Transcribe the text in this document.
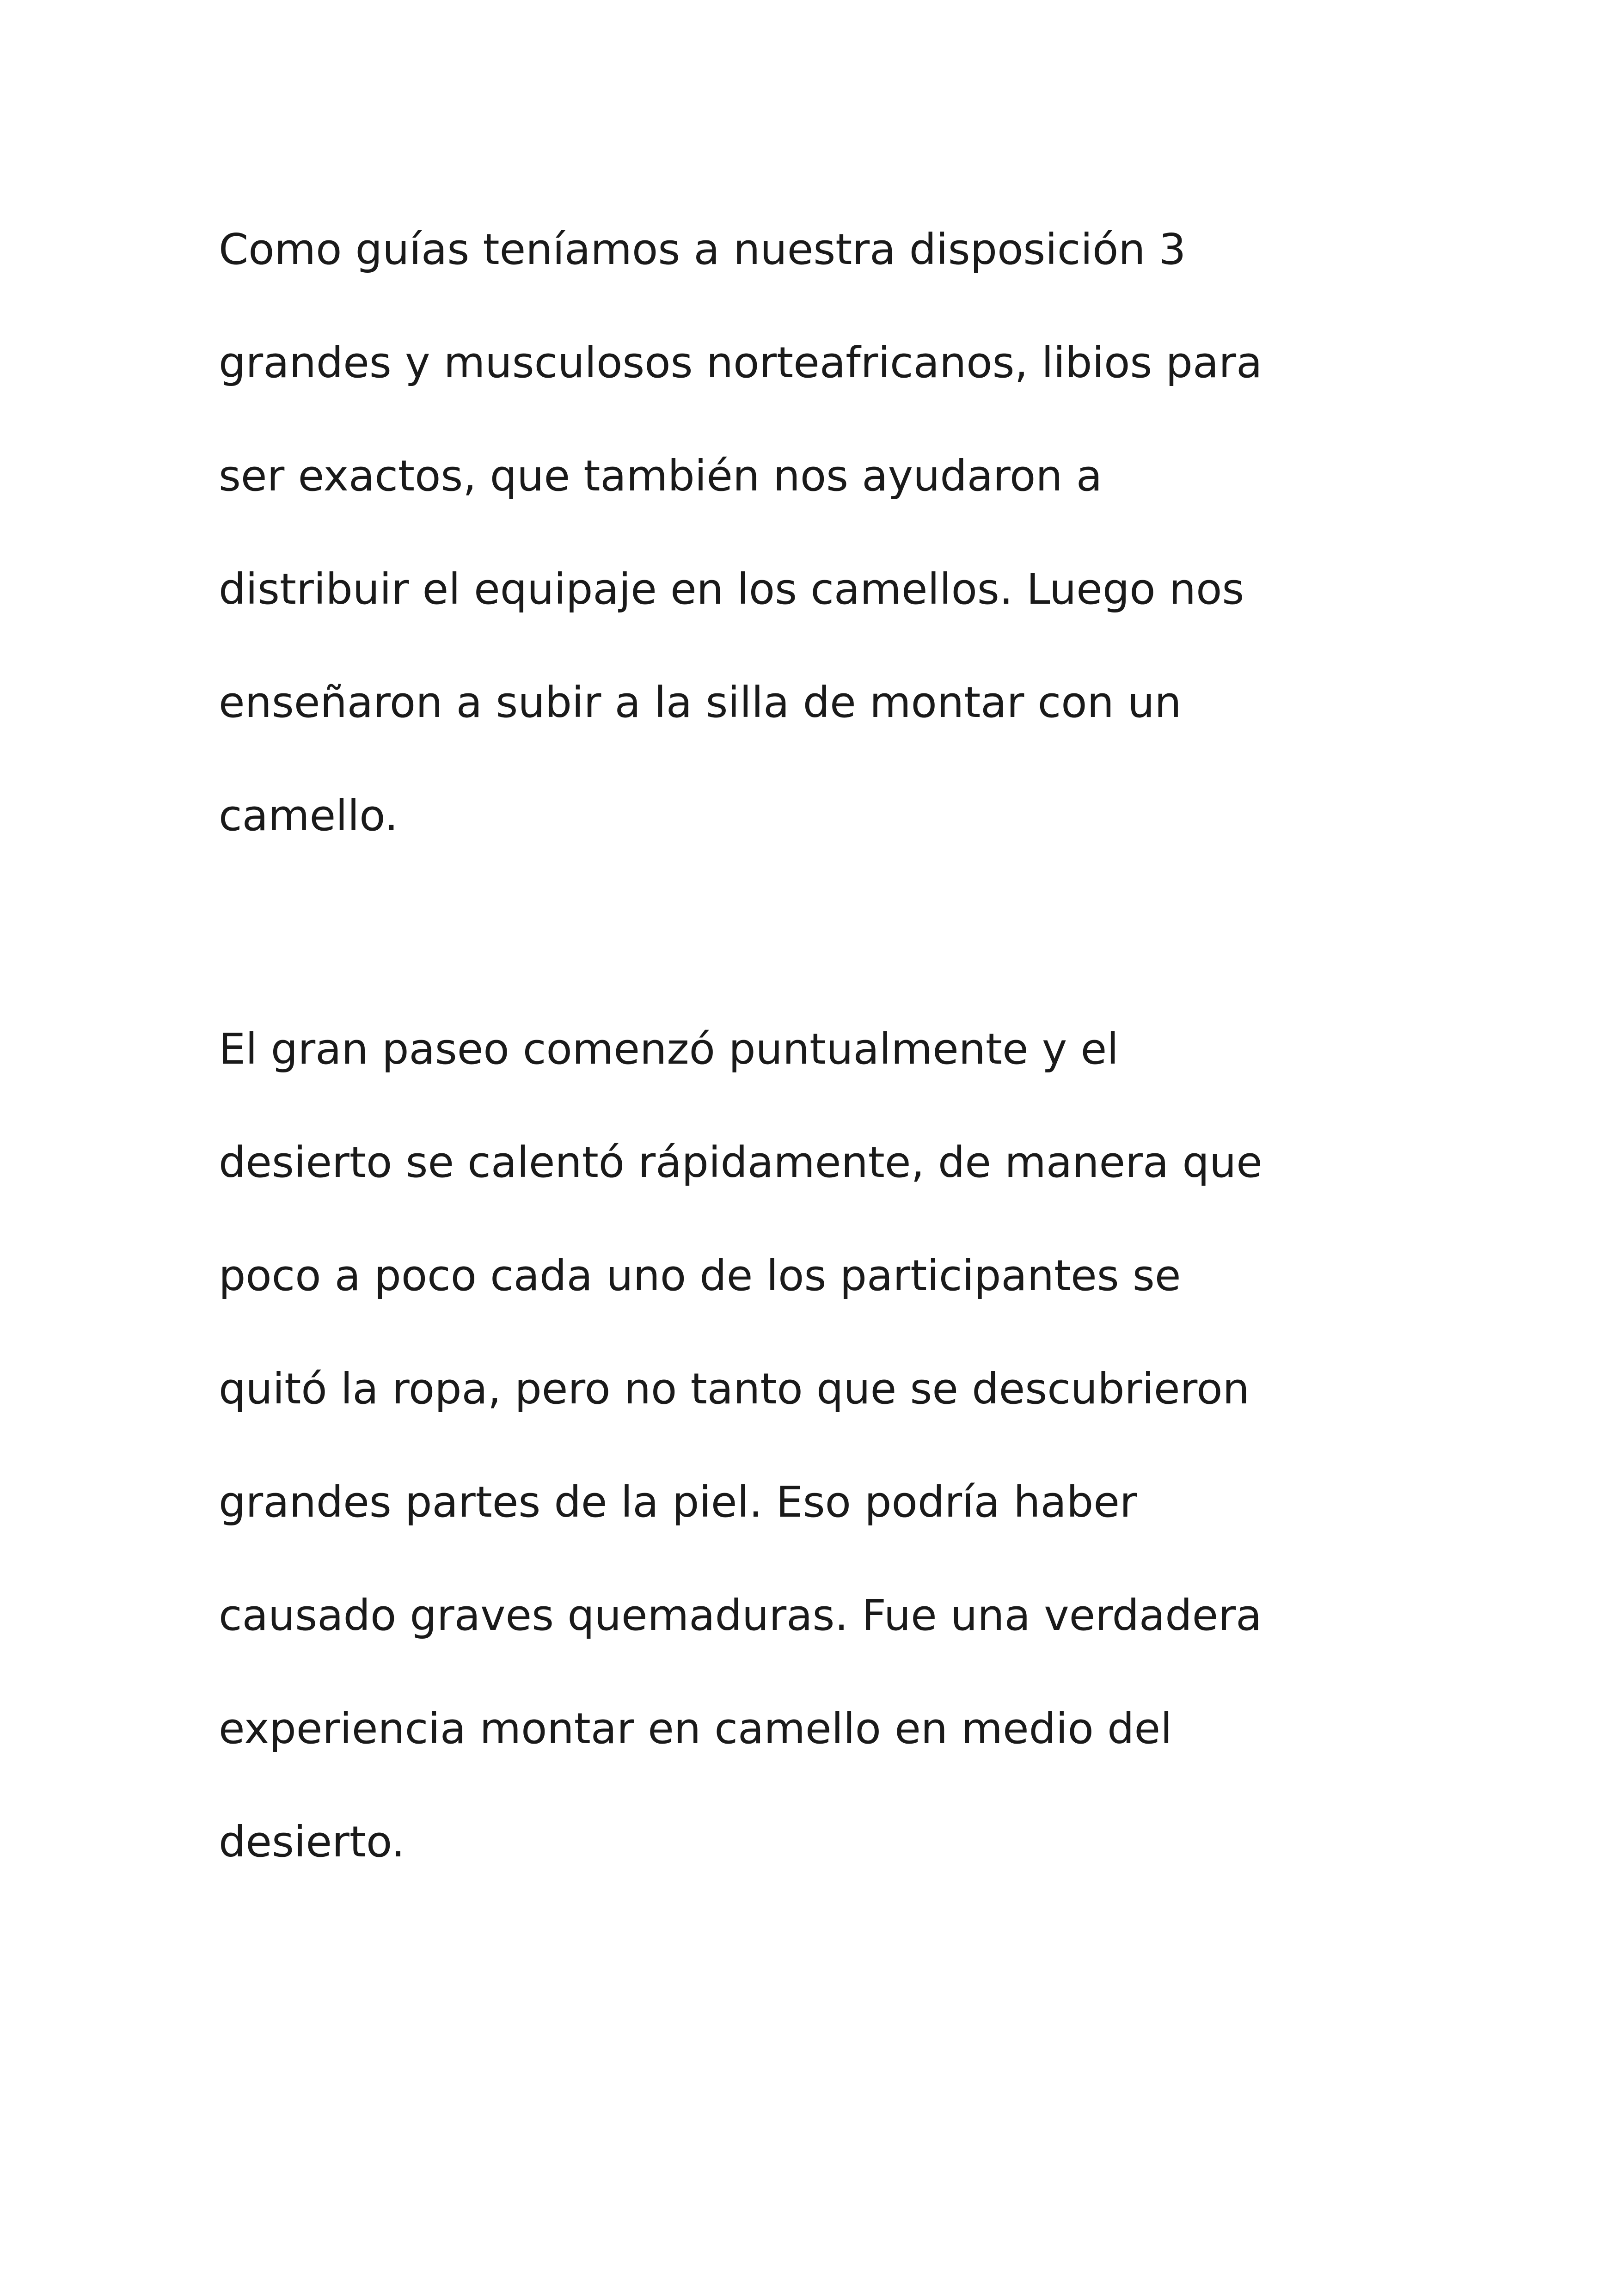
Como guías teníamos a nuestra disposición 3

grandes y musculosos norteafricanos, libios para

ser exactos, que también nos ayudaron a

distribuir el equipaje en los camellos. Luego nos

enseñaron a subir a la silla de montar con un

camello.

El gran paseo comenzó puntualmente y el

desierto se calentó rápidamente, de manera que

poco a poco cada uno de los participantes se

quitó la ropa, pero no tanto que se descubrieron

grandes partes de la piel. Eso podría haber

causado graves quemaduras. Fue una verdadera

experiencia montar en camello en medio del

desierto.
